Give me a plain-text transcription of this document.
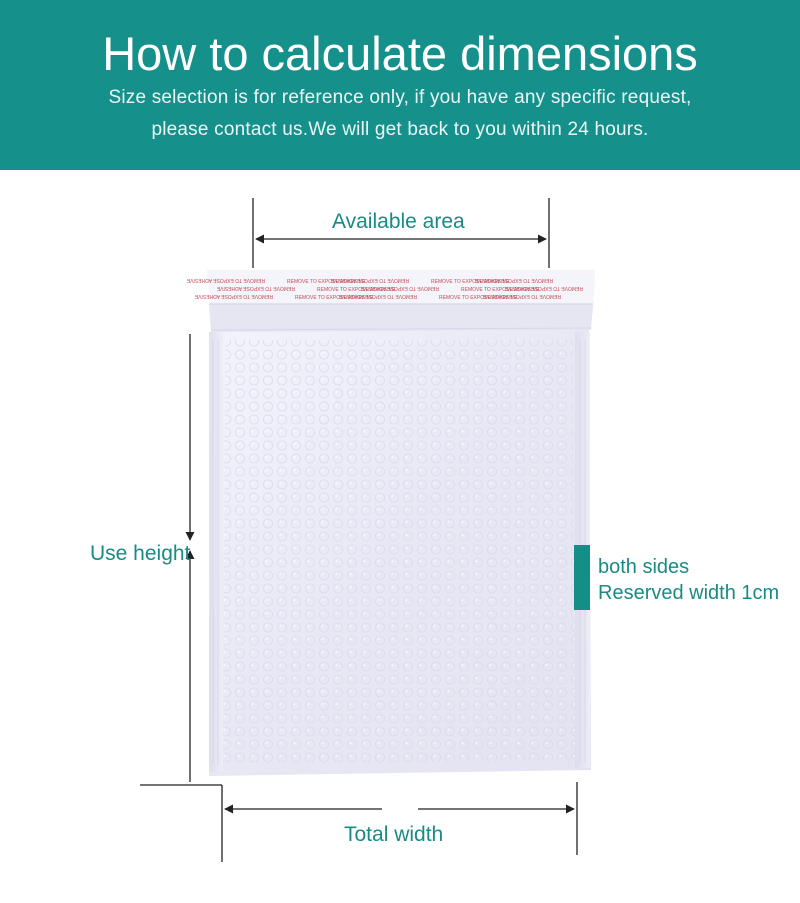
How to calculate dimensions
Size selection is for reference only, if you have any specific request,
please contact us.We will get back to you within 24 hours.
REMOVE TO EXPOSE ADHESIVE	REMOVE TO EXPOSE ADHESIVE
REMOVE TO EXPOSE ADHESIVE	REMOVE TO EXPOSE ADHESIVE
REMOVE TO EXPOSE ADHESIVE
REMOVE TO EXPOSE ADHESIVE	REMOVE TO EXPOSE ADHESIVE
REMOVE TO EXPOSE ADHESIVE	REMOVE TO EXPOSE ADHESIVE
REMOVE TO EXPOSE ADHESIVE
REMOVE TO EXPOSE ADHESIVE	REMOVE TO EXPOSE ADHESIVE
REMOVE TO EXPOSE ADHESIVE	REMOVE TO EXPOSE ADHESIVE
REMOVE TO EXPOSE ADHESIVE
Available area
Use height
Total width
both sides
Reserved width 1cm
